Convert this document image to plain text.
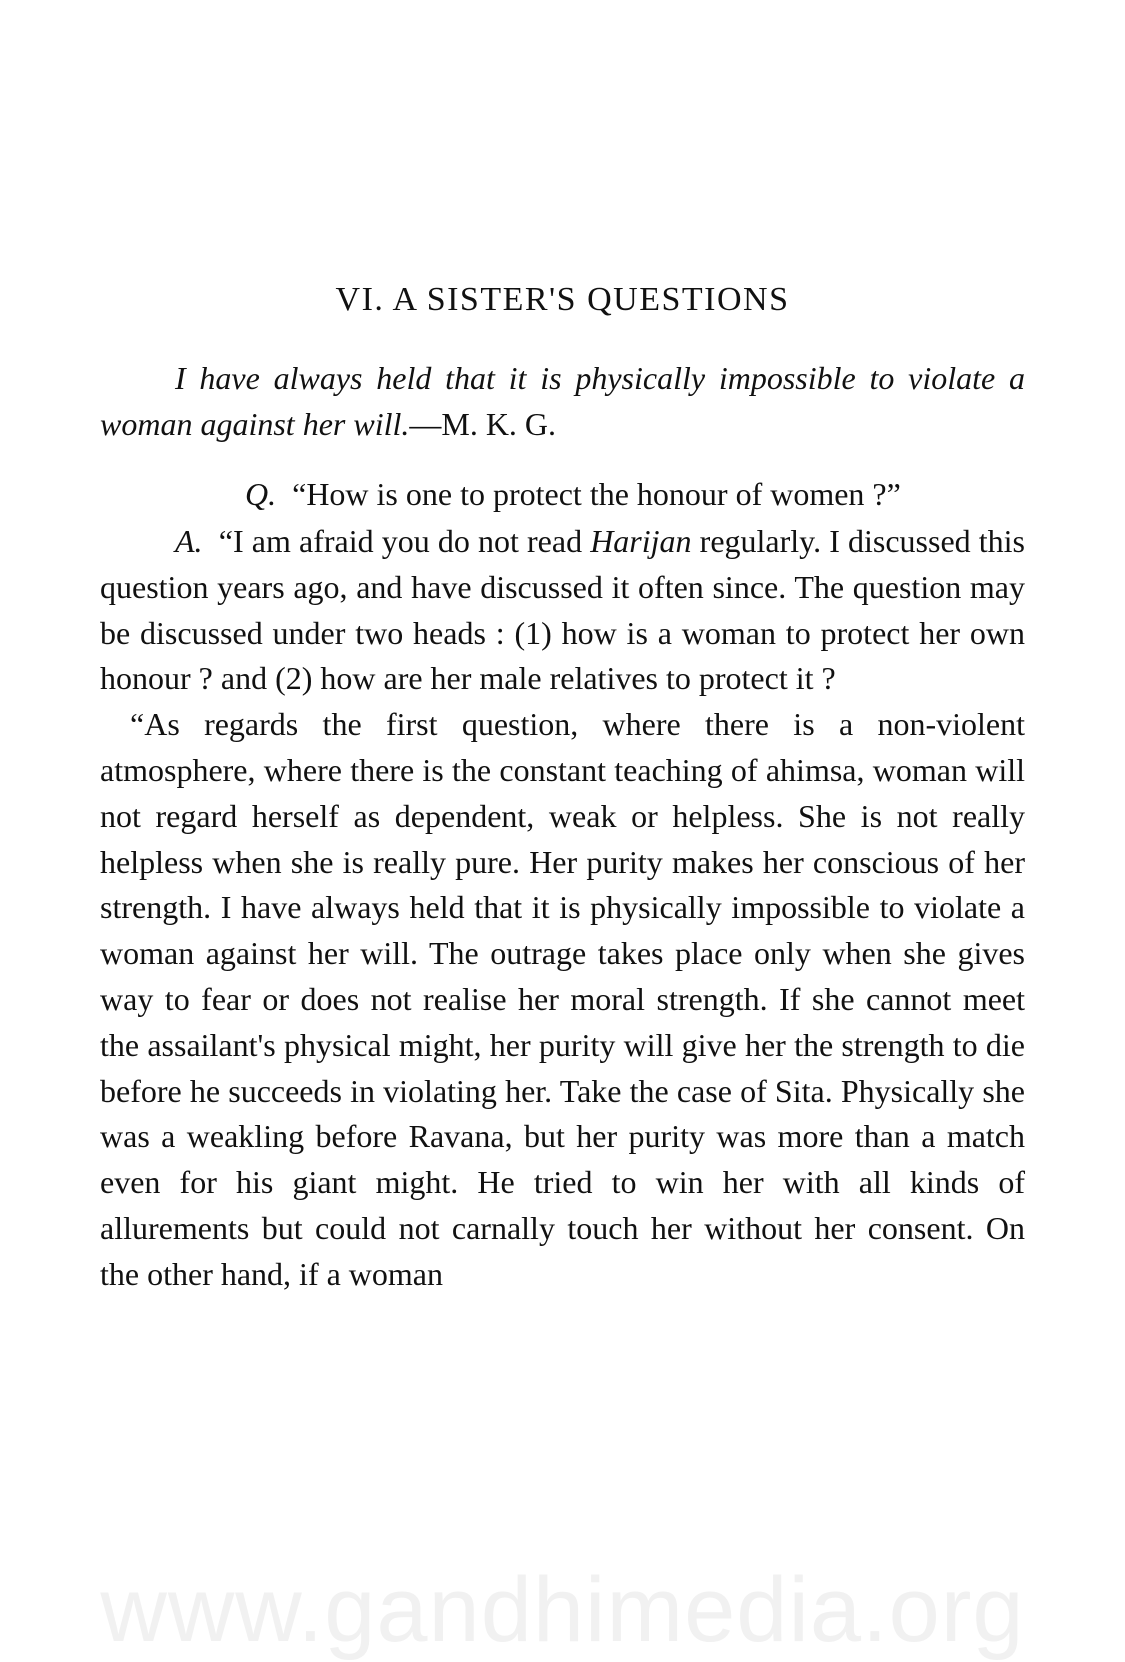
VI. A SISTER'S QUESTIONS

I have always held that it is physically impossible to violate a woman against her will.—M. K. G.

Q. “How is one to protect the honour of women ?”

A. “I am afraid you do not read Harijan regularly. I discussed this question years ago, and have discussed it often since. The question may be discussed under two heads : (1) how is a woman to protect her own honour ? and (2) how are her male relatives to protect it ?

“As regards the first question, where there is a non-violent atmosphere, where there is the constant teaching of ahimsa, woman will not regard herself as dependent, weak or helpless. She is not really helpless when she is really pure. Her purity makes her conscious of her strength. I have always held that it is physically impossible to violate a woman against her will. The outrage takes place only when she gives way to fear or does not realise her moral strength. If she cannot meet the assailant's physical might, her purity will give her the strength to die before he succeeds in violating her. Take the case of Sita. Physically she was a weakling before Ravana, but her purity was more than a match even for his giant might. He tried to win her with all kinds of allurements but could not carnally touch her without her consent. On the other hand, if a woman

www.gandhimedia.org
